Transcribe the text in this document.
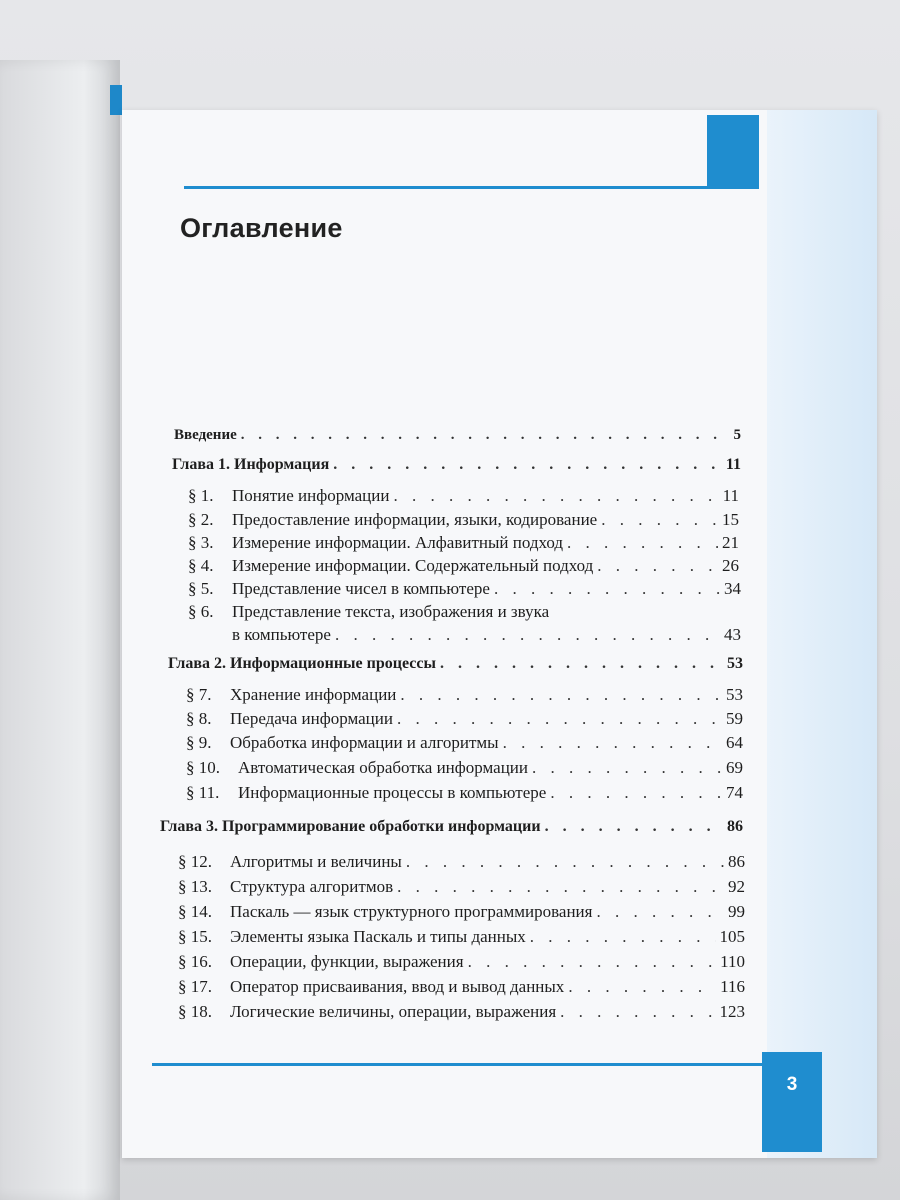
Оглавление
Введение . . .	5
Глава 1. Информация . . .	11
§ 1.	Понятие информации . . .	11
§ 2.	Предоставление информации, языки, кодирование . . .	15
§ 3.	Измерение информации. Алфавитный подход . . .	21
§ 4.	Измерение информации. Содержательный подход . . .	26
§ 5.	Представление чисел в компьютере . . .	34
§ 6.	Представление текста, изображения и звука
в компьютере . . .	43
Глава 2. Информационные процессы . . .	53
§ 7.	Хранение информации . . .	53
§ 8.	Передача информации . . .	59
§ 9.	Обработка информации и алгоритмы . . .	64
§ 10.	Автоматическая обработка информации . . .	69
§ 11.	Информационные процессы в компьютере . . .	74
Глава 3. Программирование обработки информации . . .	86
§ 12.	Алгоритмы и величины . . .	86
§ 13.	Структура алгоритмов . . .	92
§ 14.	Паскаль — язык структурного программирования . . .	99
§ 15.	Элементы языка Паскаль и типы данных . . .	105
§ 16.	Операции, функции, выражения . . .	110
§ 17.	Оператор присваивания, ввод и вывод данных . . .	116
§ 18.	Логические величины, операции, выражения . . .	123
3
